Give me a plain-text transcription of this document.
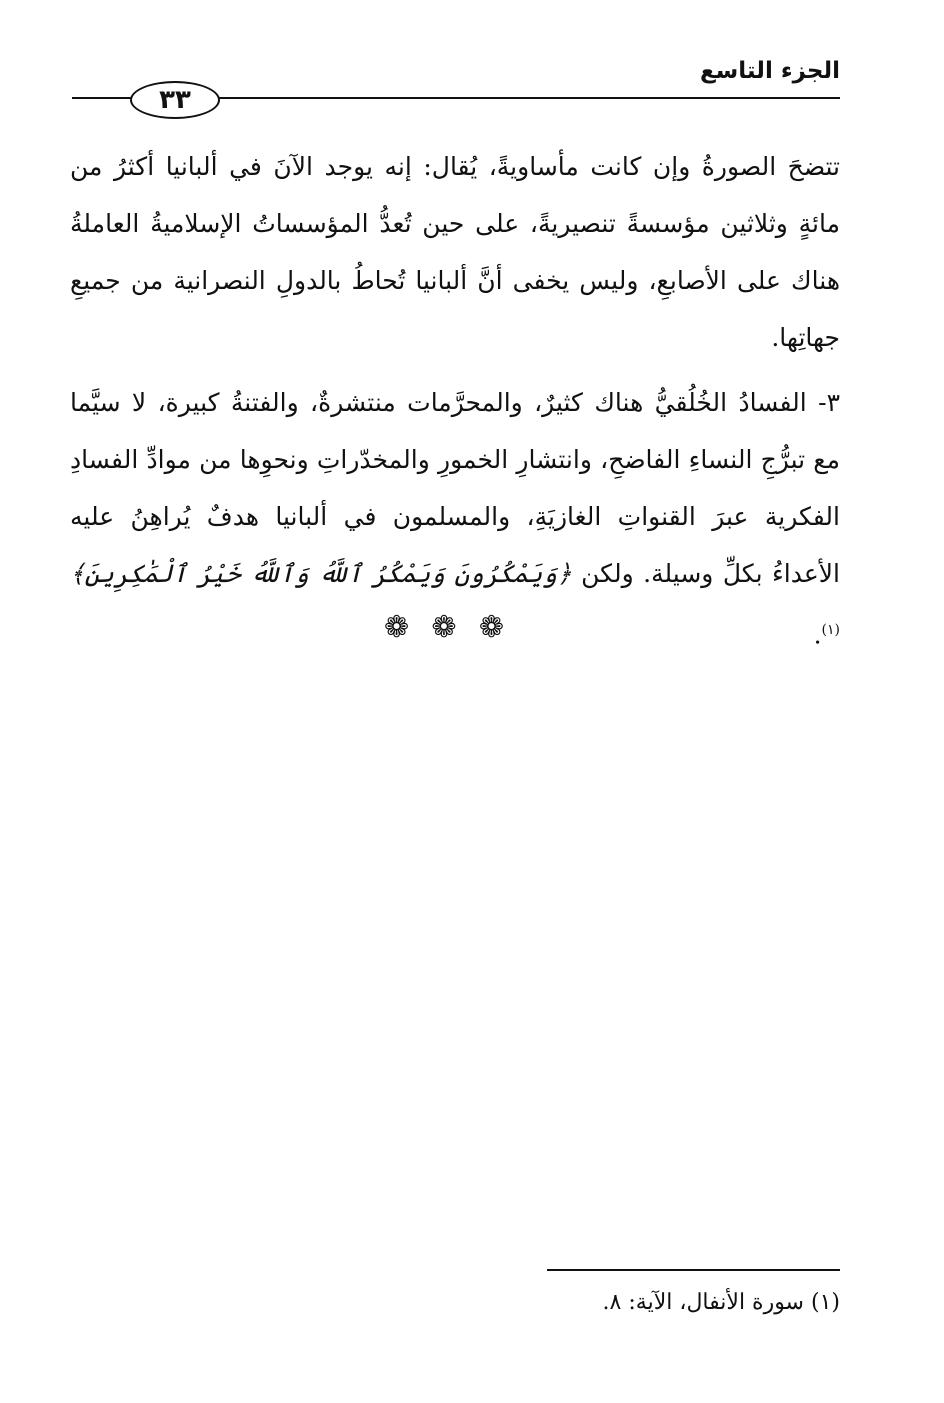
الجزء التاسع
٣٣

تتضحَ الصورةُ وإن كانت مأساويةً، يُقال: إنه يوجد الآنَ في ألبانيا أكثرُ من مائةٍ وثلاثين مؤسسةً تنصيريةً، على حين تُعدُّ المؤسساتُ الإسلاميةُ العاملةُ هناك على الأصابعِ، وليس يخفى أنَّ ألبانيا تُحاطُ بالدولِ النصرانية من جميعِ جهاتِها.

٣- الفسادُ الخُلُقيُّ هناك كثيرٌ، والمحرَّمات منتشرةٌ، والفتنةُ كبيرة، لا سيَّما مع تبرُّجِ النساءِ الفاضحِ، وانتشارِ الخمورِ والمخدّراتِ ونحوِها من موادِّ الفسادِ الفكرية عبرَ القنواتِ الغازيَةِ، والمسلمون في ألبانيا هدفٌ يُراهِنُ عليه الأعداءُ بكلِّ وسيلة. ولكن ﴿وَيَمْكُرُونَ وَيَمْكُرُ ٱللَّهُ وَٱللَّهُ خَيْرُ ٱلْمَٰكِرِينَ﴾$^{(١)}$.

❁ ❁ ❁
(١) سورة الأنفال، الآية: ٨.
